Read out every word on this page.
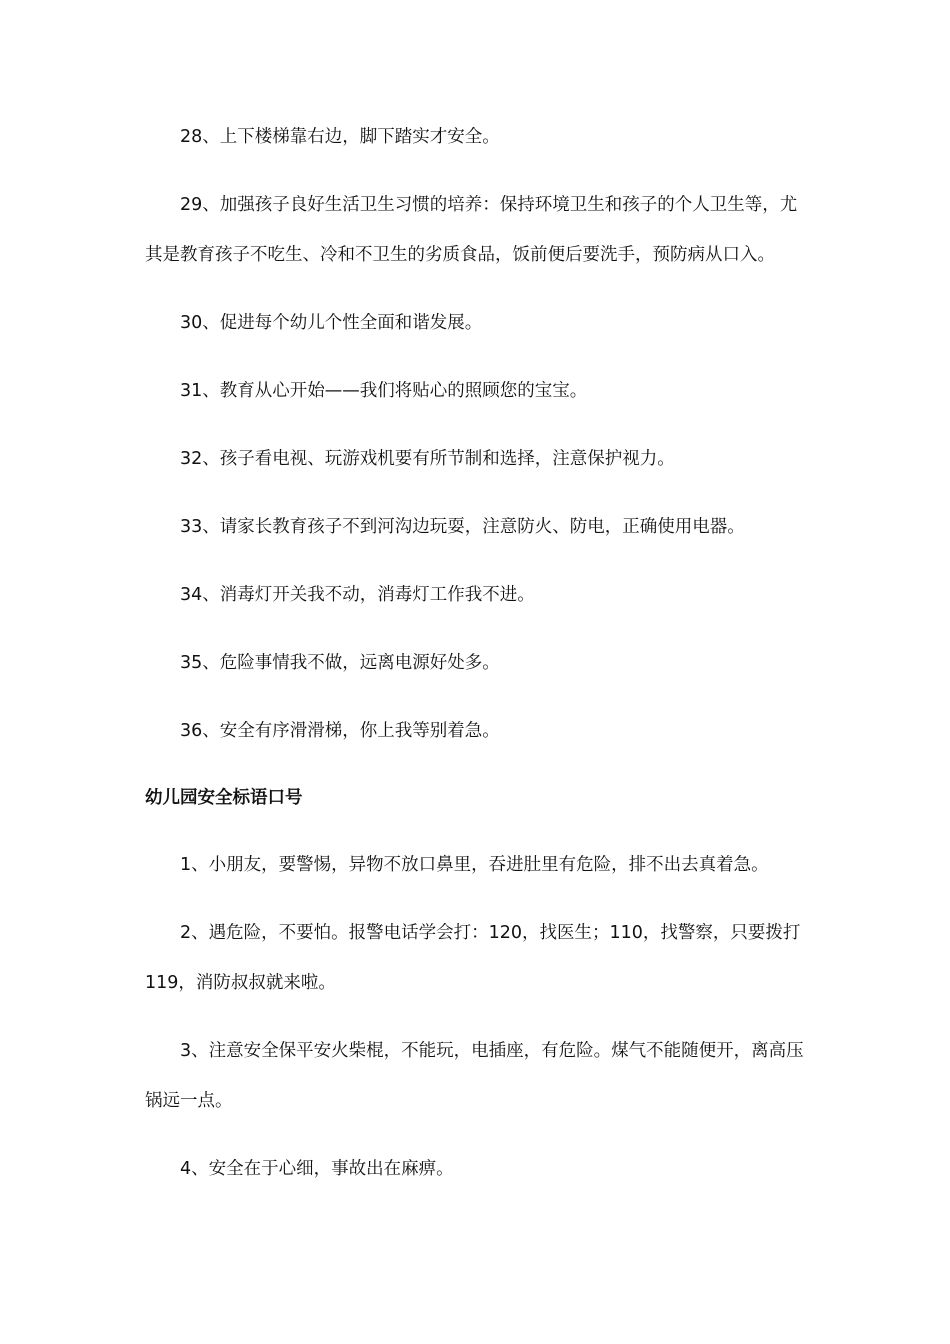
28、上下楼梯靠右边，脚下踏实才安全。

29、加强孩子良好生活卫生习惯的培养：保持环境卫生和孩子的个人卫生等，尤其是教育孩子不吃生、冷和不卫生的劣质食品，饭前便后要洗手，预防病从口入。

30、促进每个幼儿个性全面和谐发展。

31、教育从心开始——我们将贴心的照顾您的宝宝。

32、孩子看电视、玩游戏机要有所节制和选择，注意保护视力。

33、请家长教育孩子不到河沟边玩耍，注意防火、防电，正确使用电器。

34、消毒灯开关我不动，消毒灯工作我不进。

35、危险事情我不做，远离电源好处多。

36、安全有序滑滑梯，你上我等别着急。

幼儿园安全标语口号

1、小朋友，要警惕，异物不放口鼻里，吞进肚里有危险，排不出去真着急。

2、遇危险，不要怕。报警电话学会打：120，找医生；110，找警察，只要拨打119，消防叔叔就来啦。

3、注意安全保平安火柴棍，不能玩，电插座，有危险。煤气不能随便开，离高压锅远一点。

4、安全在于心细，事故出在麻痹。
